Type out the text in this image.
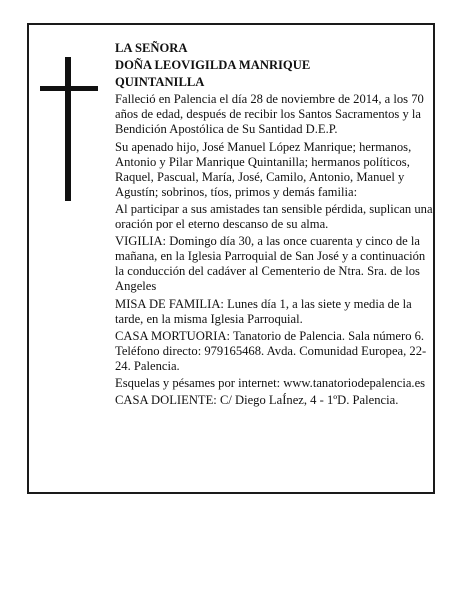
LA SEÑORA

DOÑA LEOVIGILDA MANRIQUE

QUINTANILLA

Falleció en Palencia el día 28 de noviembre de 2014, a los 70 años de edad, después de recibir los Santos Sacramentos y la Bendición Apostólica de Su Santidad D.E.P.

Su apenado hijo, José Manuel López Manrique; hermanos, Antonio y Pilar Manrique Quintanilla; hermanos políticos, Raquel, Pascual, María, José, Camilo, Antonio, Manuel y Agustín; sobrinos, tíos, primos y demás familia:

Al participar a sus amistades tan sensible pérdida, suplican una oración por el eterno descanso de su alma.

VIGILIA: Domingo día 30, a las once cuarenta y cinco de la mañana, en la Iglesia Parroquial de San José y a continuación la conducción del cadáver al Cementerio de Ntra. Sra. de los Angeles

MISA DE FAMILIA: Lunes día 1, a las siete y media de la tarde, en la misma Iglesia Parroquial.

CASA MORTUORIA: Tanatorio de Palencia. Sala número 6. Teléfono directo: 979165468. Avda. Comunidad Europea, 22-24. Palencia.

Esquelas y pésames por internet: www.tanatoriodepalencia.es

CASA DOLIENTE: C/ Diego LaÍnez, 4 - 1ºD. Palencia.
